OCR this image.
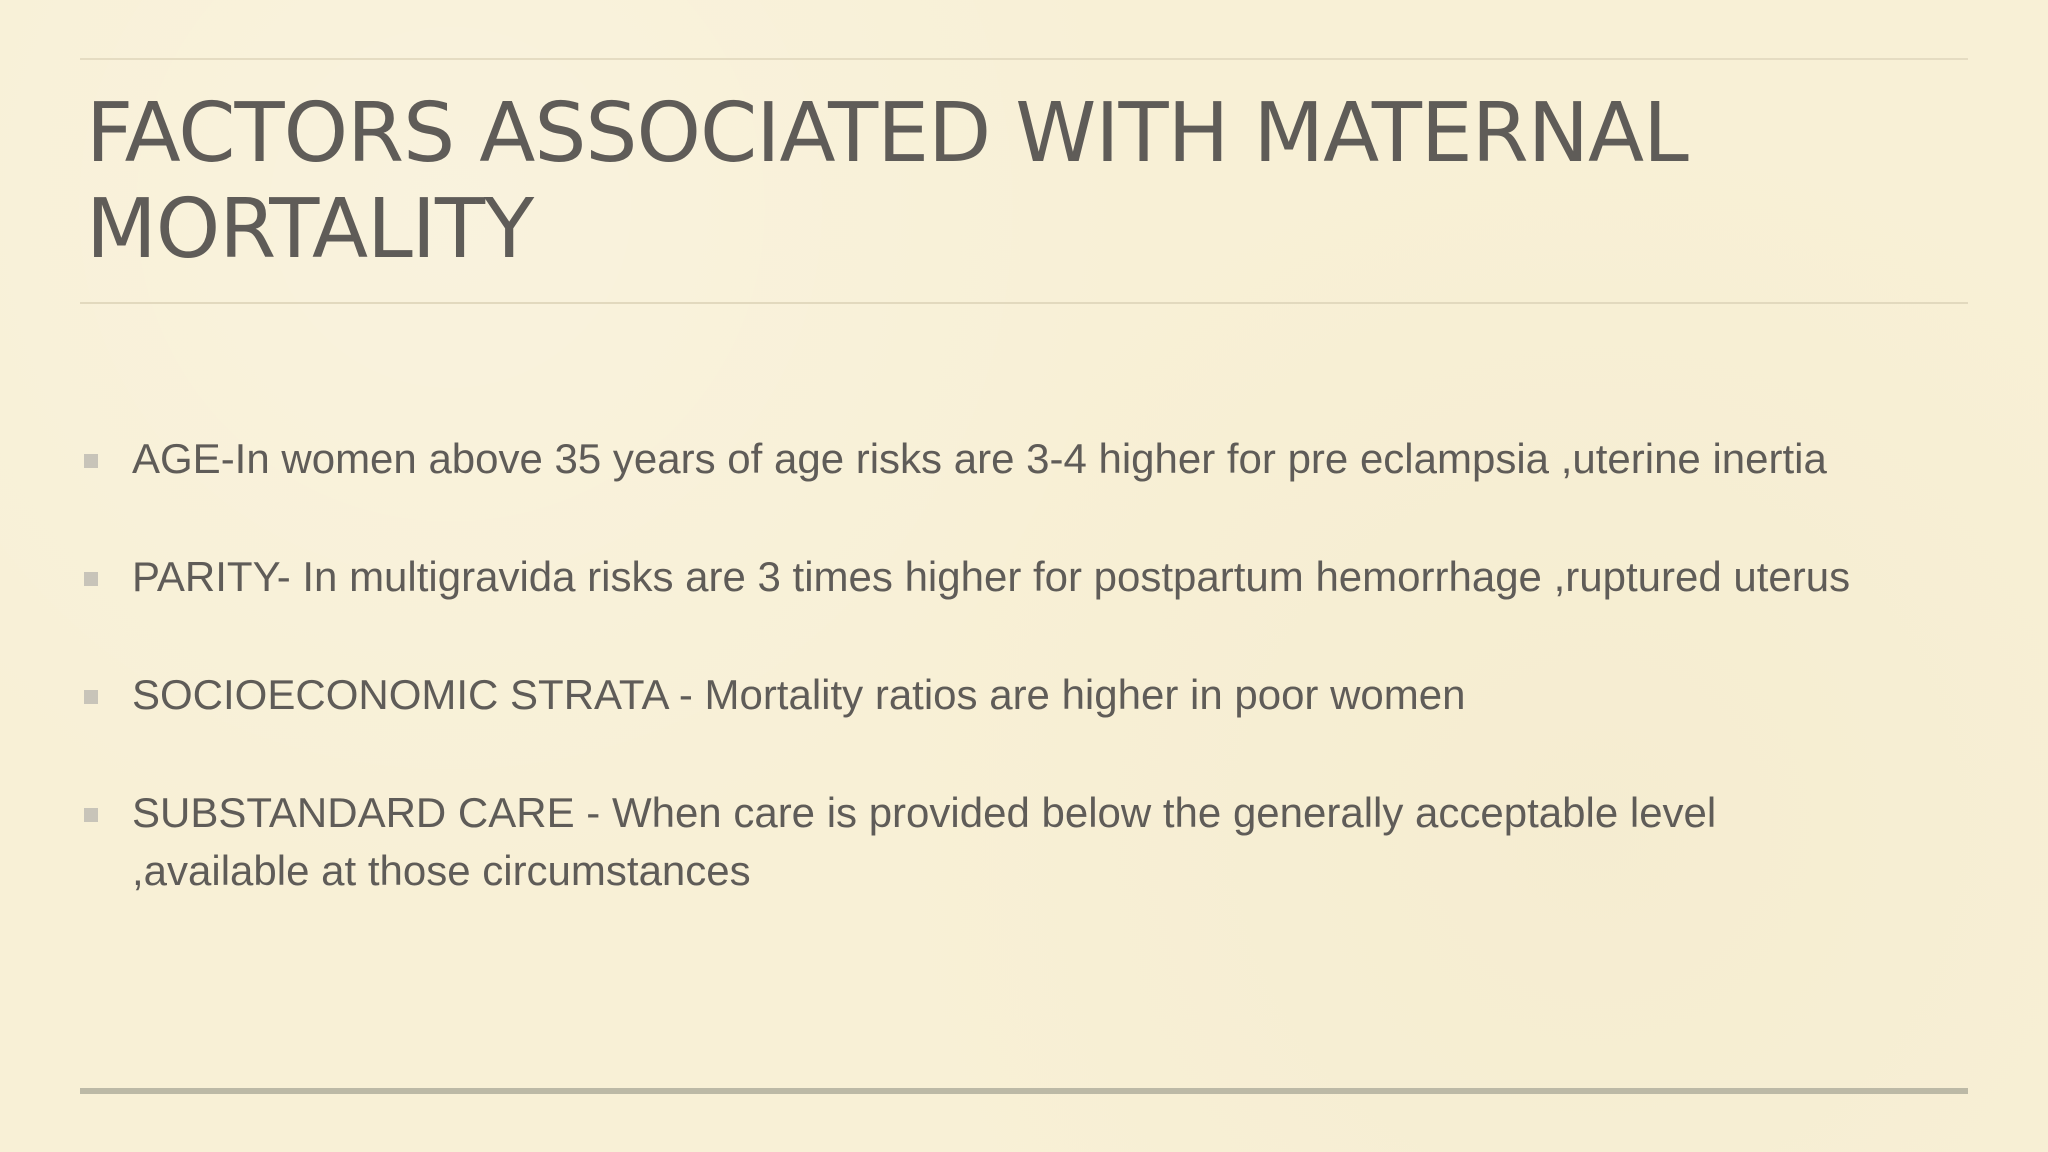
FACTORS ASSOCIATED WITH MATERNAL MORTALITY
AGE-In women above 35 years of age risks are 3-4 higher for pre eclampsia ,uterine inertia
PARITY- In multigravida risks are 3 times higher for postpartum hemorrhage ,ruptured uterus
SOCIOECONOMIC STRATA - Mortality ratios are higher in poor women
SUBSTANDARD CARE - When care is provided below the generally acceptable level ,available at those circumstances
